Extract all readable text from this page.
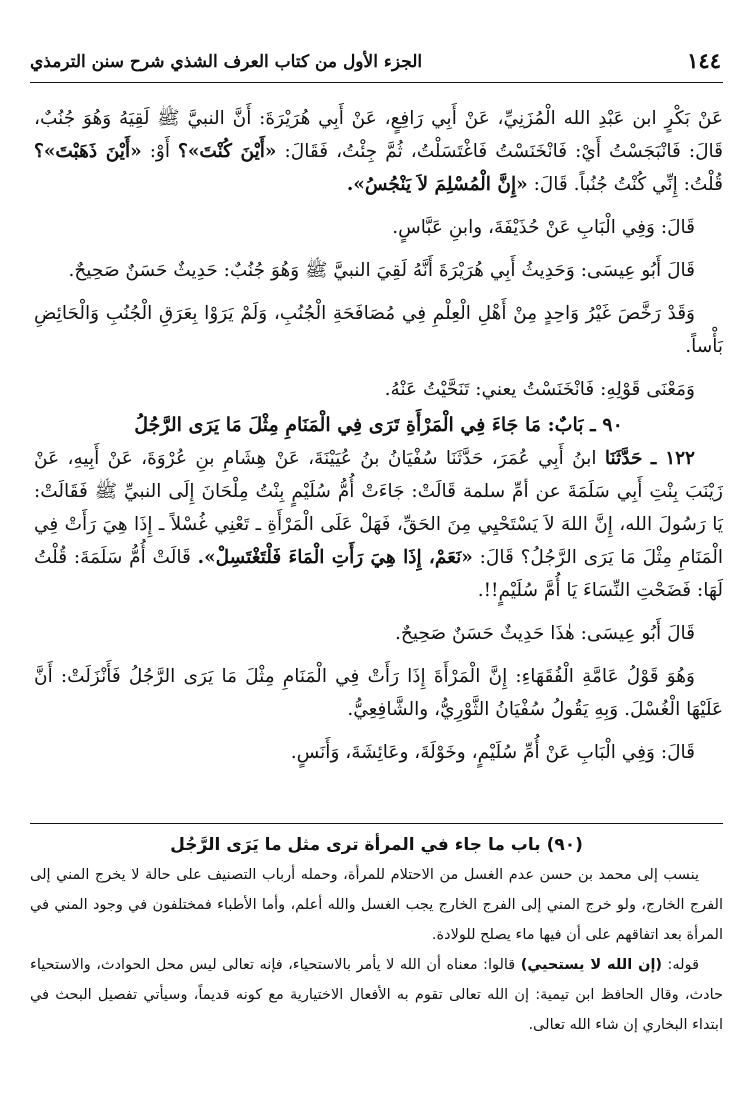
١٤٤
الجزء الأول من كتاب العرف الشذي شرح سنن الترمذي

عَنْ بَكْرٍ ابن عَبْدِ الله الْمُزَنِيِّ، عَنْ أَبِي رَافِعٍ، عَنْ أَبِي هُرَيْرَةَ: أَنَّ النبيَّ ﷺ لَقِيَهُ وَهُوَ جُنُبٌ، قَالَ: فَانْبَجَسْتُ أَيْ: فَانْخَنَسْتُ فَاغْتَسَلْتُ، ثُمَّ جِئْتُ، فَقَالَ: «أَيْنَ كُنْتَ»؟ أَوْ: «أَيْنَ ذَهَبْتَ»؟ قُلْتُ: إِنِّي كُنْتُ جُنُباً. قَالَ: «إِنَّ الْمُسْلِمَ لاَ يَنْجُسُ».

قَالَ: وَفِي الْبَابِ عَنْ حُذَيْفَةَ، وابنِ عَبَّاسٍ.

قَالَ أَبُو عِيسَى: وَحَدِيثُ أَبِي هُرَيْرَةَ أَنَّهُ لَقِيَ النبيَّ ﷺ وَهُوَ جُنُبٌ: حَدِيثٌ حَسَنٌ صَحِيحٌ.

وَقَدْ رَخَّصَ غَيْرُ وَاحِدٍ مِنْ أَهْلِ الْعِلْمِ فِي مُصَافَحَةِ الْجُنُبِ، وَلَمْ يَرَوْا بِعَرَقِ الْجُنُبِ وَالْحَائِضِ بَأْساً.

وَمَعْنَى قَوْلِهِ: فَانْخَنَسْتُ يعني: تَنَحَّيْتُ عَنْهُ.

٩٠ ـ بَابٌ: مَا جَاءَ فِي الْمَرْأَةِ تَرَى فِي الْمَنَامِ مِثْلَ مَا يَرَى الرَّجُلُ

١٢٢ ـ حَدَّثَنَا ابنُ أَبِي عُمَرَ، حَدَّثَنَا سُفْيَانُ بنُ عُيَيْنَةَ، عَنْ هِشَامِ بنِ عُرْوَةَ، عَنْ أَبِيهِ، عَنْ زَيْنَبَ بِنْتِ أَبِي سَلَمَةَ عن أمِّ سلمة قَالَتْ: جَاءَتْ أُمُّ سُلَيْمٍ بِنْتُ مِلْحَانَ إِلَى النبيِّ ﷺ فَقَالَتْ: يَا رَسُولَ الله، إِنَّ اللهَ لاَ يَسْتَحْيِي مِنَ الحَقِّ، فَهَلْ عَلَى الْمَرْأَةِ ـ تَعْنِي غُسْلاً ـ إِذَا هِيَ رَأَتْ فِي الْمَنَامِ مِثْلَ مَا يَرَى الرَّجُلُ؟ قَالَ: «نَعَمْ، إِذَا هِيَ رَأَتِ الْمَاءَ فَلْتَغْتَسِلْ». قَالَتْ أُمُّ سَلَمَةَ: قُلْتُ لَهَا: فَضَحْتِ النِّسَاءَ يَا أُمَّ سُلَيْمٍ!!.

قَالَ أَبُو عِيسَى: هٰذَا حَدِيثٌ حَسَنٌ صَحِيحٌ.

وَهُوَ قَوْلُ عَامَّةِ الْفُقَهَاءِ: إِنَّ الْمَرْأَةَ إِذَا رَأَتْ فِي الْمَنَامِ مِثْلَ مَا يَرَى الرَّجُلُ فَأَنْزَلَتْ: أَنَّ عَلَيْهَا الْغُسْلَ. وَبِهِ يَقُولُ سُفْيَانُ الثَّوْرِيُّ، والشَّافِعِيُّ.

قَالَ: وَفِي الْبَابِ عَنْ أُمِّ سُلَيْمٍ، وخَوْلَةَ، وعَائِشَةَ، وَأَنَسٍ.

(٩٠) باب ما جاء في المرأة ترى مثل ما يَرَى الرَّجُل

ينسب إلى محمد بن حسن عدم الغسل من الاحتلام للمرأة، وحمله أرباب التصنيف على حالة لا يخرج المني إلى الفرج الخارج، ولو خرج المني إلى الفرج الخارج يجب الغسل والله أعلم، وأما الأطباء فمختلفون في وجود المني في المرأة بعد اتفاقهم على أن فيها ماء يصلح للولادة.

قوله: (إن الله لا يستحيي) قالوا: معناه أن الله لا يأمر بالاستحياء، فإنه تعالى ليس محل الحوادث، والاستحياء حادث، وقال الحافظ ابن تيمية: إن الله تعالى تقوم به الأفعال الاختيارية مع كونه قديماً، وسيأتي تفصيل البحث في ابتداء البخاري إن شاء الله تعالى.
